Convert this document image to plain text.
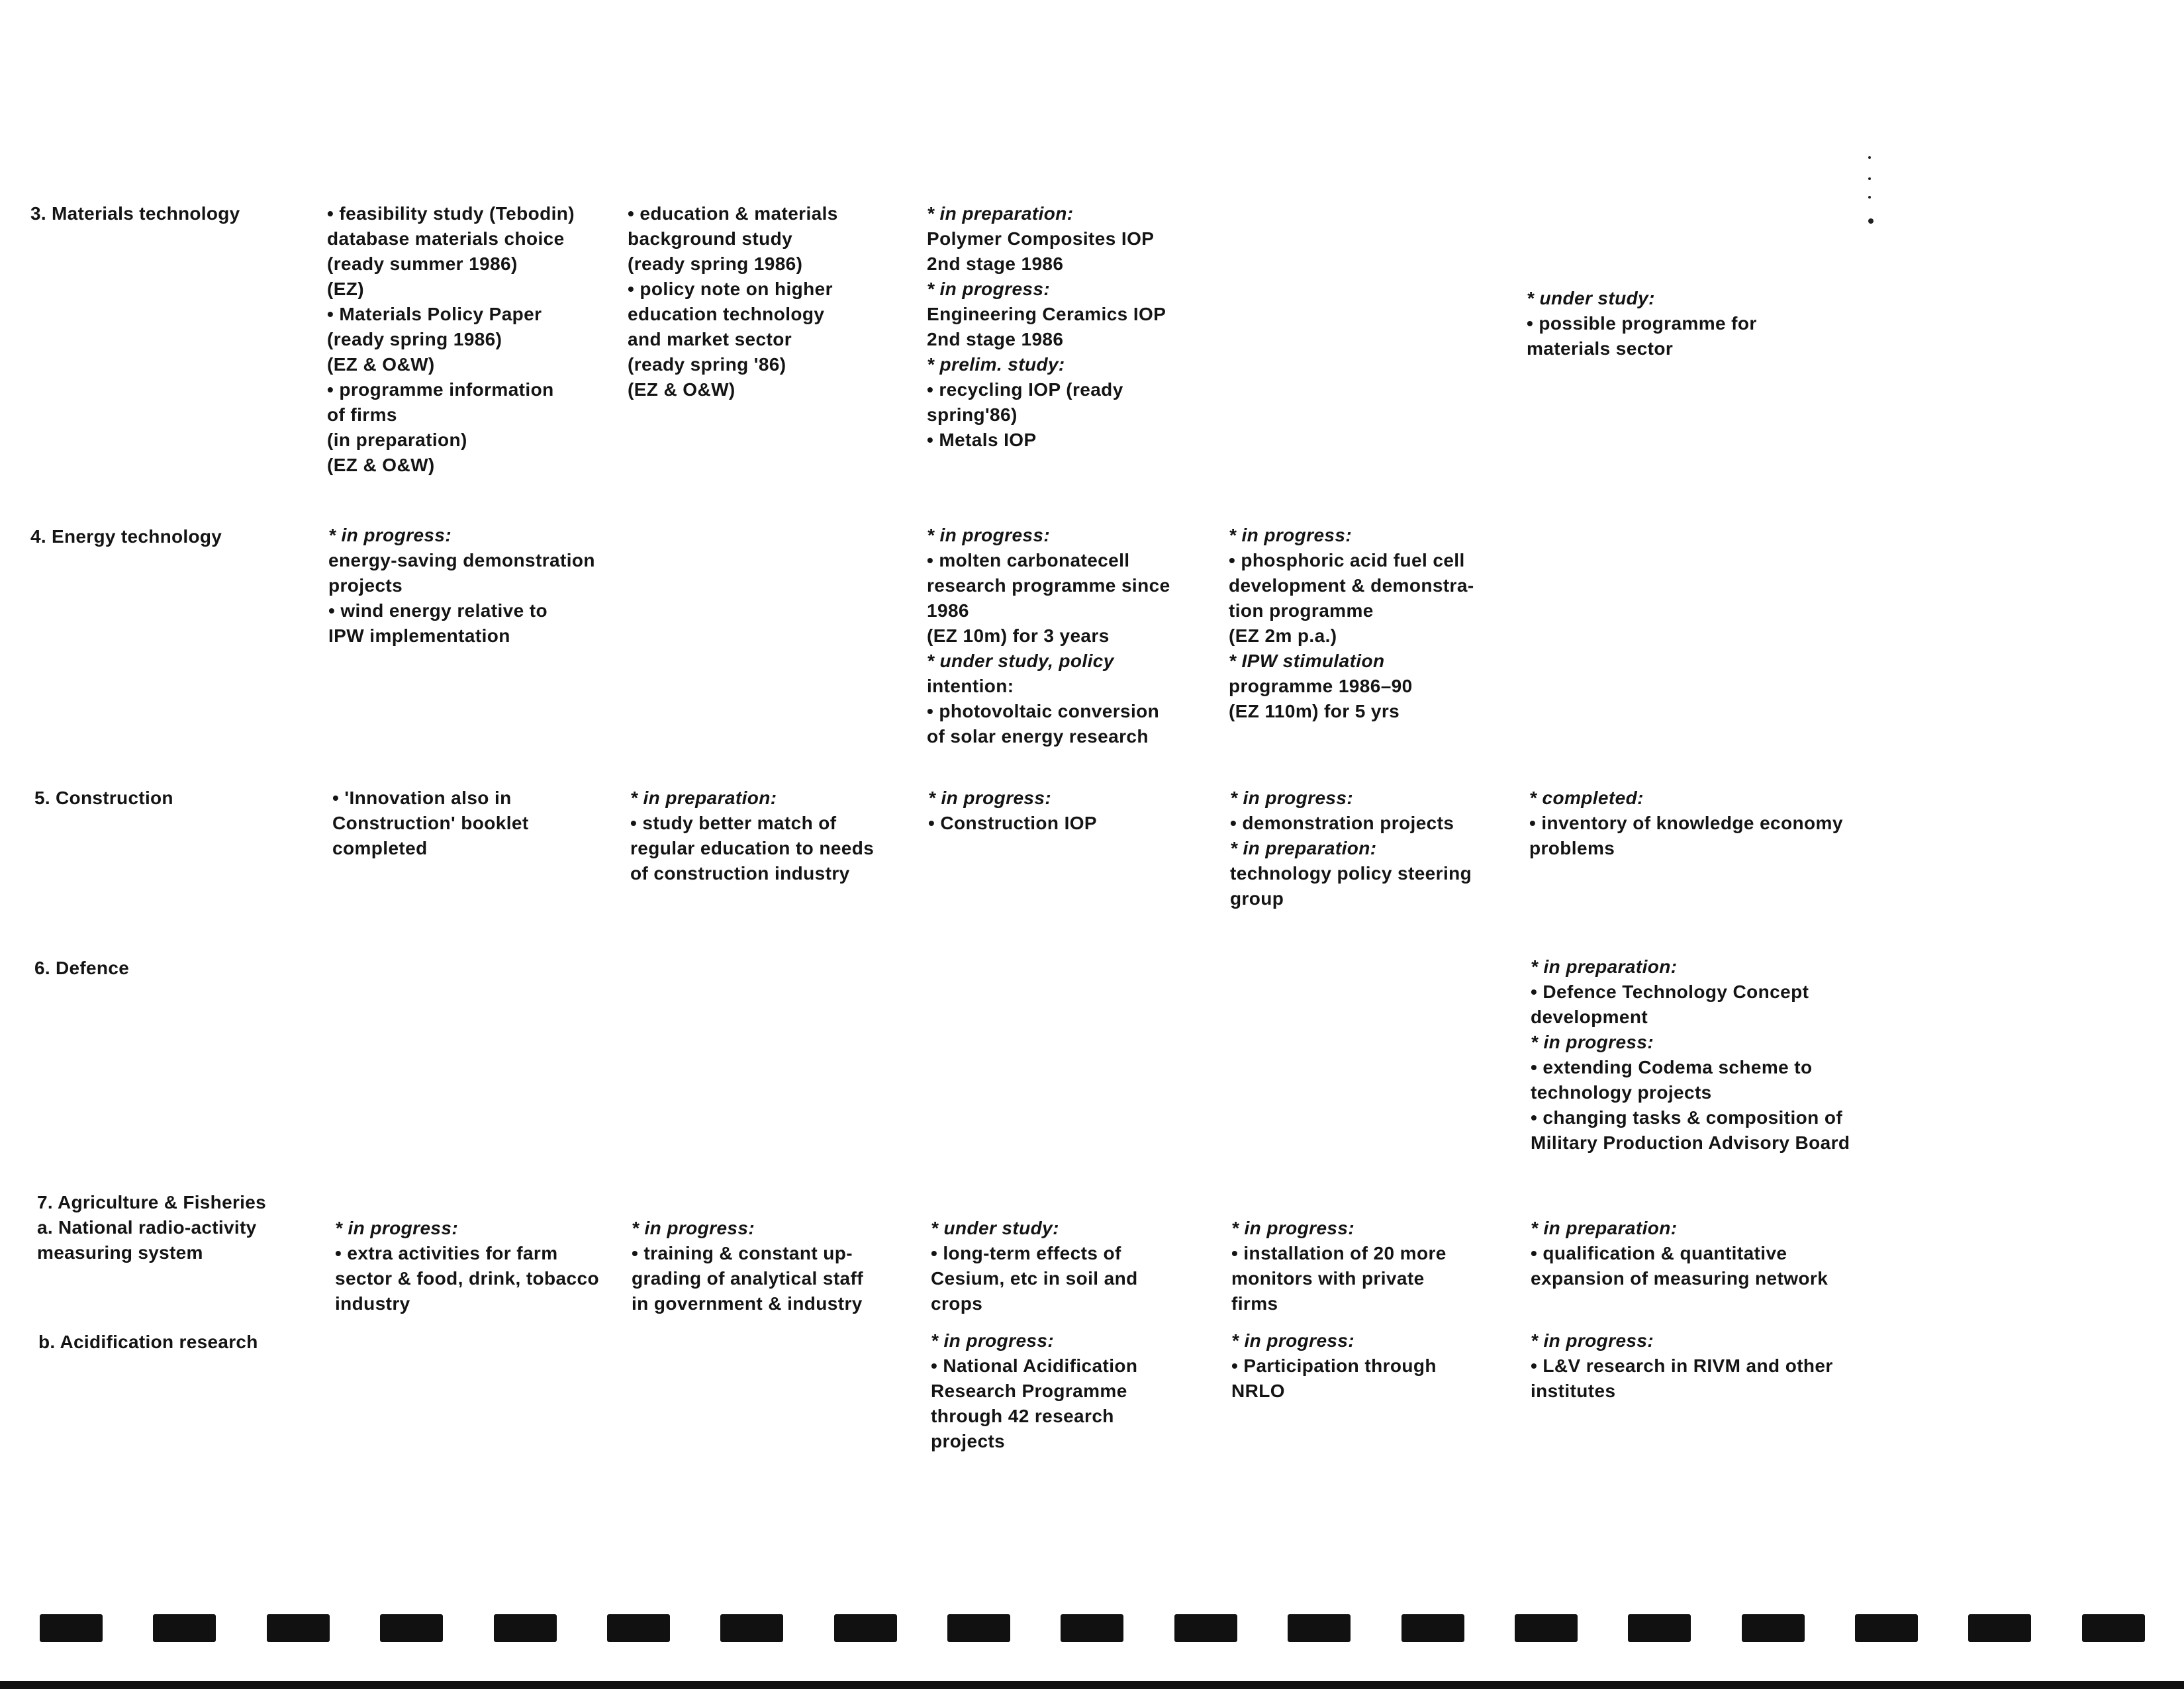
3. Materials technology
4. Energy technology
5. Construction
6. Defence
7. Agriculture & Fisheries
a. National radio-activity
measuring system
b. Acidification research
• feasibility study (Tebodin)
database materials choice
(ready summer 1986)
(EZ)
• Materials Policy Paper
(ready spring 1986)
(EZ & O&W)
• programme information
of firms
(in preparation)
(EZ & O&W)
• education & materials
background study
(ready spring 1986)
• policy note on higher
education technology
and market sector
(ready spring '86)
(EZ & O&W)
* in preparation:
Polymer Composites IOP
2nd stage 1986
* in progress:
Engineering Ceramics IOP
2nd stage 1986
* prelim. study:
• recycling IOP (ready
spring'86)
• Metals IOP
* under study:
• possible programme for
materials sector
* in progress:
energy-saving demonstration
projects
• wind energy relative to
IPW implementation
* in progress:
• molten carbonatecell
research programme since
1986
(EZ 10m) for 3 years
* under study, policy
intention:
• photovoltaic conversion
of solar energy research
* in progress:
• phosphoric acid fuel cell
development & demonstra-
tion programme
(EZ 2m p.a.)
* IPW stimulation
programme 1986–90
(EZ 110m) for 5 yrs
• 'Innovation also in
Construction' booklet
completed
* in preparation:
• study better match of
regular education to needs
of construction industry
* in progress:
• Construction IOP
* in progress:
• demonstration projects
* in preparation:
technology policy steering
group
* completed:
• inventory of knowledge economy
problems
* in preparation:
• Defence Technology Concept
development
* in progress:
• extending Codema scheme to
technology projects
• changing tasks & composition of
Military Production Advisory Board
* in progress:
• extra activities for farm
sector & food, drink, tobacco
industry
* in progress:
• training & constant up-
grading of analytical staff
in government & industry
* under study:
• long-term effects of
Cesium, etc in soil and
crops
* in progress:
• installation of 20 more
monitors with private
firms
* in preparation:
• qualification & quantitative
expansion of measuring network
* in progress:
• National Acidification
Research Programme
through 42 research
projects
* in progress:
• Participation through
NRLO
* in progress:
• L&V research in RIVM and other
institutes
